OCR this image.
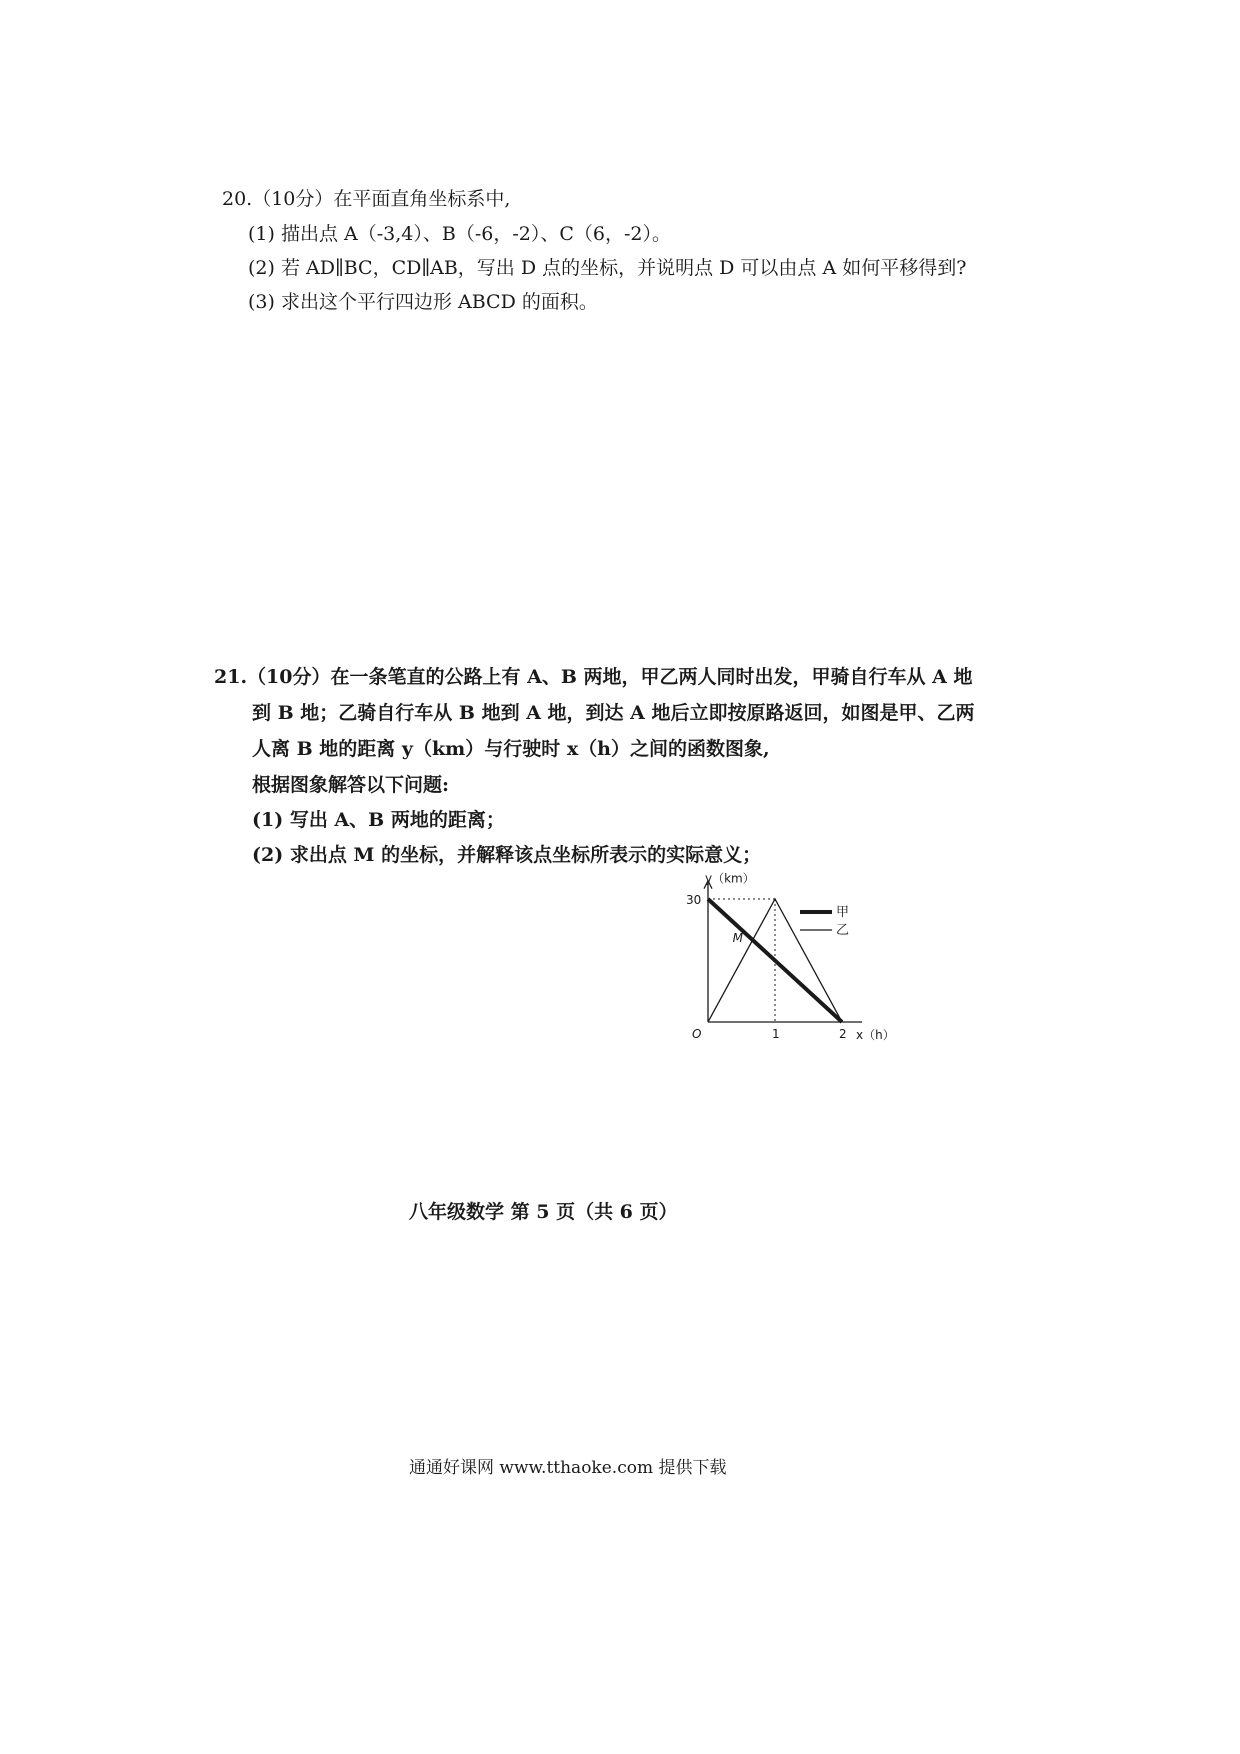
20.（10分）在平面直角坐标系中,
(1) 描出点 A（-3,4）、B（-6，-2）、C（6，-2）。
(2) 若 AD∥BC，CD∥AB，写出 D 点的坐标，并说明点 D 可以由点 A 如何平移得到?
(3) 求出这个平行四边形 ABCD 的面积。
21.（10分）在一条笔直的公路上有 A、B 两地，甲乙两人同时出发，甲骑自行车从 A 地
到 B 地；乙骑自行车从 B 地到 A 地，到达 A 地后立即按原路返回，如图是甲、乙两
人离 B 地的距离 y（km）与行驶时 x（h）之间的函数图象,
根据图象解答以下问题:
(1) 写出 A、B 两地的距离；
(2) 求出点 M 的坐标，并解释该点坐标所表示的实际意义；
y（km）
x（h）
O
30
1	2
M
甲
乙
八年级数学 第 5 页（共 6 页）
通通好课网 www.tthaoke.com 提供下载
